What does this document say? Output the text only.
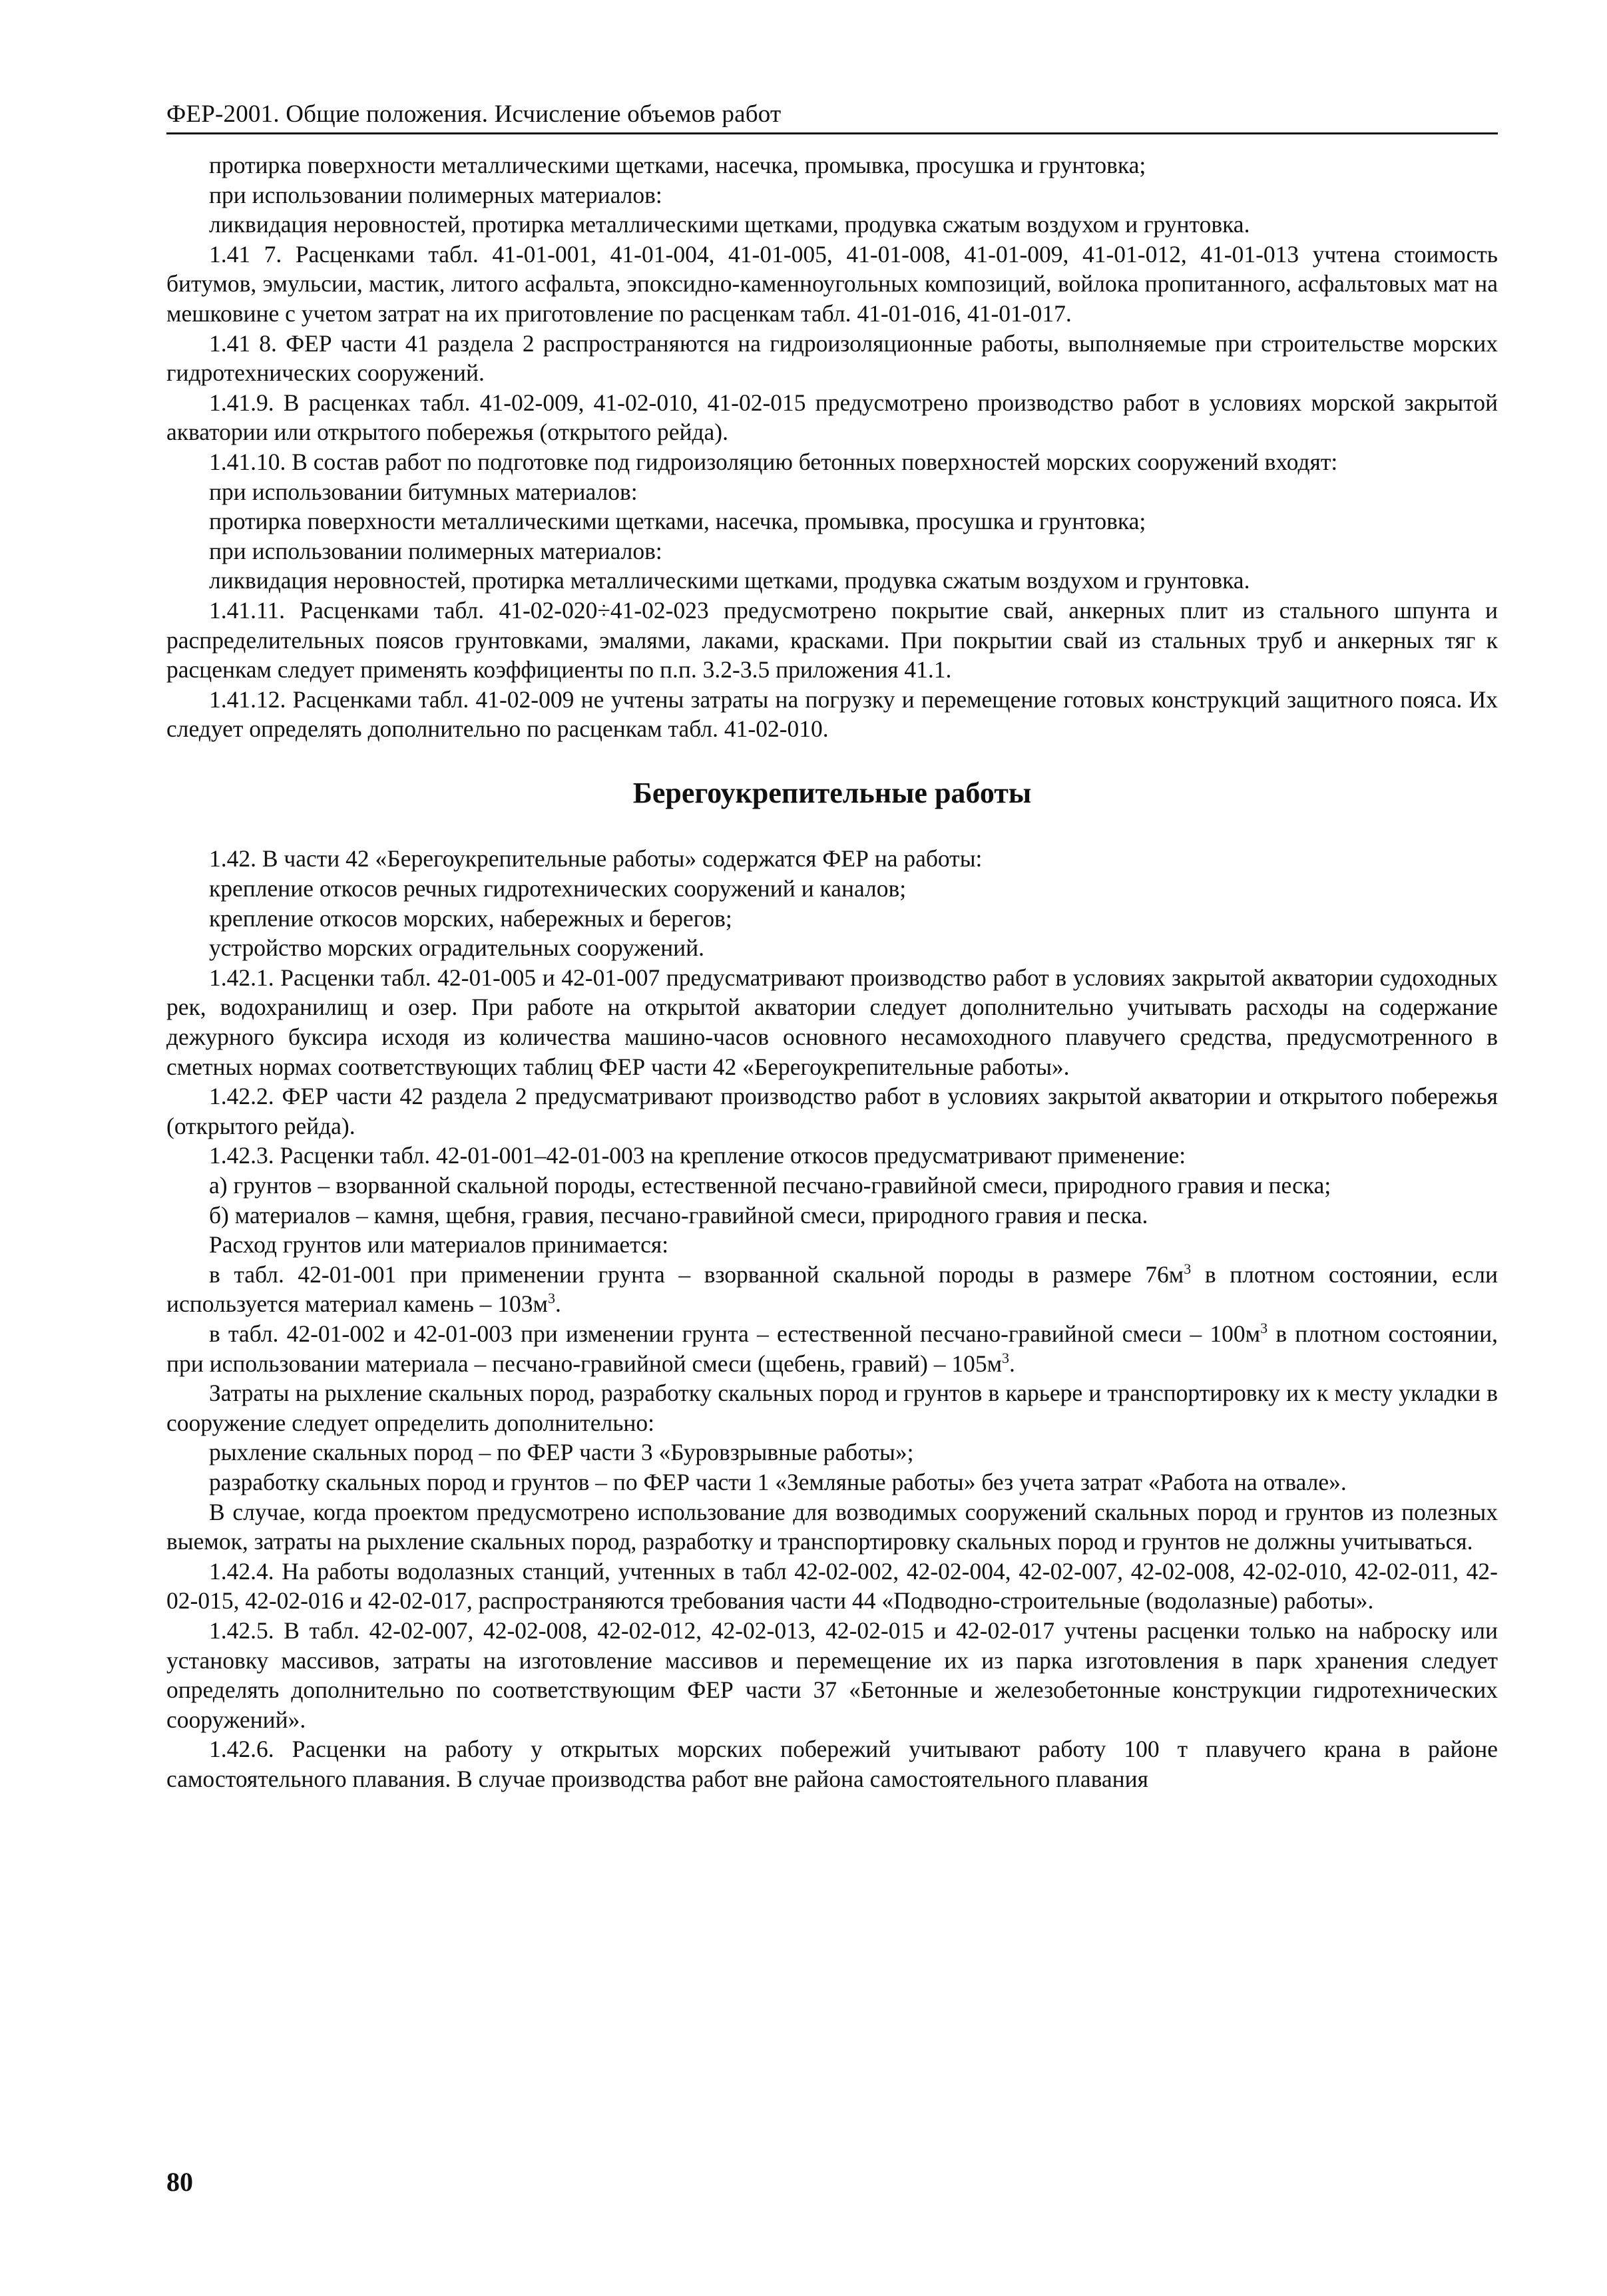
ФЕР-2001. Общие положения. Исчисление объемов работ

протирка поверхности металлическими щетками, насечка, промывка, просушка и грунтовка;

при использовании полимерных материалов:

ликвидация неровностей, протирка металлическими щетками, продувка сжатым воздухом и грунтовка.

1.41 7. Расценками табл. 41-01-001, 41-01-004, 41-01-005, 41-01-008, 41-01-009, 41-01-012, 41-01-013 учтена стоимость битумов, эмульсии, мастик, литого асфальта, эпоксидно-каменноугольных композиций, войлока пропитанного, асфальтовых мат на мешковине с учетом затрат на их приготовление по расценкам табл. 41-01-016, 41-01-017.

1.41 8. ФЕР части 41 раздела 2 распространяются на гидроизоляционные работы, выполняемые при строительстве морских гидротехнических сооружений.

1.41.9. В расценках табл. 41-02-009, 41-02-010, 41-02-015 предусмотрено производство работ в условиях морской закрытой акватории или открытого побережья (открытого рейда).

1.41.10. В состав работ по подготовке под гидроизоляцию бетонных поверхностей морских сооружений входят:

при использовании битумных материалов:

протирка поверхности металлическими щетками, насечка, промывка, просушка и грунтовка;

при использовании полимерных материалов:

ликвидация неровностей, протирка металлическими щетками, продувка сжатым воздухом и грунтовка.

1.41.11. Расценками табл. 41-02-020÷41-02-023 предусмотрено покрытие свай, анкерных плит из стального шпунта и распределительных поясов грунтовками, эмалями, лаками, красками. При покрытии свай из стальных труб и анкерных тяг к расценкам следует применять коэффициенты по п.п. 3.2-3.5 приложения 41.1.

1.41.12. Расценками табл. 41-02-009 не учтены затраты на погрузку и перемещение готовых конструкций защитного пояса. Их следует определять дополнительно по расценкам табл. 41-02-010.

Берегоукрепительные работы

1.42. В части 42 «Берегоукрепительные работы» содержатся ФЕР на работы:

крепление откосов речных гидротехнических сооружений и каналов;

крепление откосов морских, набережных и берегов;

устройство морских оградительных сооружений.

1.42.1. Расценки табл. 42-01-005 и 42-01-007 предусматривают производство работ в условиях закрытой акватории судоходных рек, водохранилищ и озер. При работе на открытой акватории следует дополнительно учитывать расходы на содержание дежурного буксира исходя из количества машино-часов основного несамоходного плавучего средства, предусмотренного в сметных нормах соответствующих таблиц ФЕР части 42 «Берегоукрепительные работы».

1.42.2. ФЕР части 42 раздела 2 предусматривают производство работ в условиях закрытой акватории и открытого побережья (открытого рейда).

1.42.3. Расценки табл. 42-01-001–42-01-003 на крепление откосов предусматривают применение:

а) грунтов – взорванной скальной породы, естественной песчано-гравийной смеси, природного гравия и песка;

б) материалов – камня, щебня, гравия, песчано-гравийной смеси, природного гравия и песка.

Расход грунтов или материалов принимается:

в табл. 42-01-001 при применении грунта – взорванной скальной породы в размере $76м^3$ в плотном состоянии, если используется материал камень – $103м^3$.

в табл. 42-01-002 и 42-01-003 при изменении грунта – естественной песчано-гравийной смеси – $100м^3$ в плотном состоянии, при использовании материала – песчано-гравийной смеси (щебень, гравий) – $105м^3$.

Затраты на рыхление скальных пород, разработку скальных пород и грунтов в карьере и транспортировку их к месту укладки в сооружение следует определить дополнительно:

рыхление скальных пород – по ФЕР части 3 «Буровзрывные работы»;

разработку скальных пород и грунтов – по ФЕР части 1 «Земляные работы» без учета затрат «Работа на отвале».

В случае, когда проектом предусмотрено использование для возводимых сооружений скальных пород и грунтов из полезных выемок, затраты на рыхление скальных пород, разработку и транспортировку скальных пород и грунтов не должны учитываться.

1.42.4. На работы водолазных станций, учтенных в табл 42-02-002, 42-02-004, 42-02-007, 42-02-008, 42-02-010, 42-02-011, 42-02-015, 42-02-016 и 42-02-017, распространяются требования части 44 «Подводно-строительные (водолазные) работы».

1.42.5. В табл. 42-02-007, 42-02-008, 42-02-012, 42-02-013, 42-02-015 и 42-02-017 учтены расценки только на наброску или установку массивов, затраты на изготовление массивов и перемещение их из парка изготовления в парк хранения следует определять дополнительно по соответствующим ФЕР части 37 «Бетонные и железобетонные конструкции гидротехнических сооружений».

1.42.6. Расценки на работу у открытых морских побережий учитывают работу 100 т плавучего крана в районе самостоятельного плавания. В случае производства работ вне района самостоятельного плавания

80
